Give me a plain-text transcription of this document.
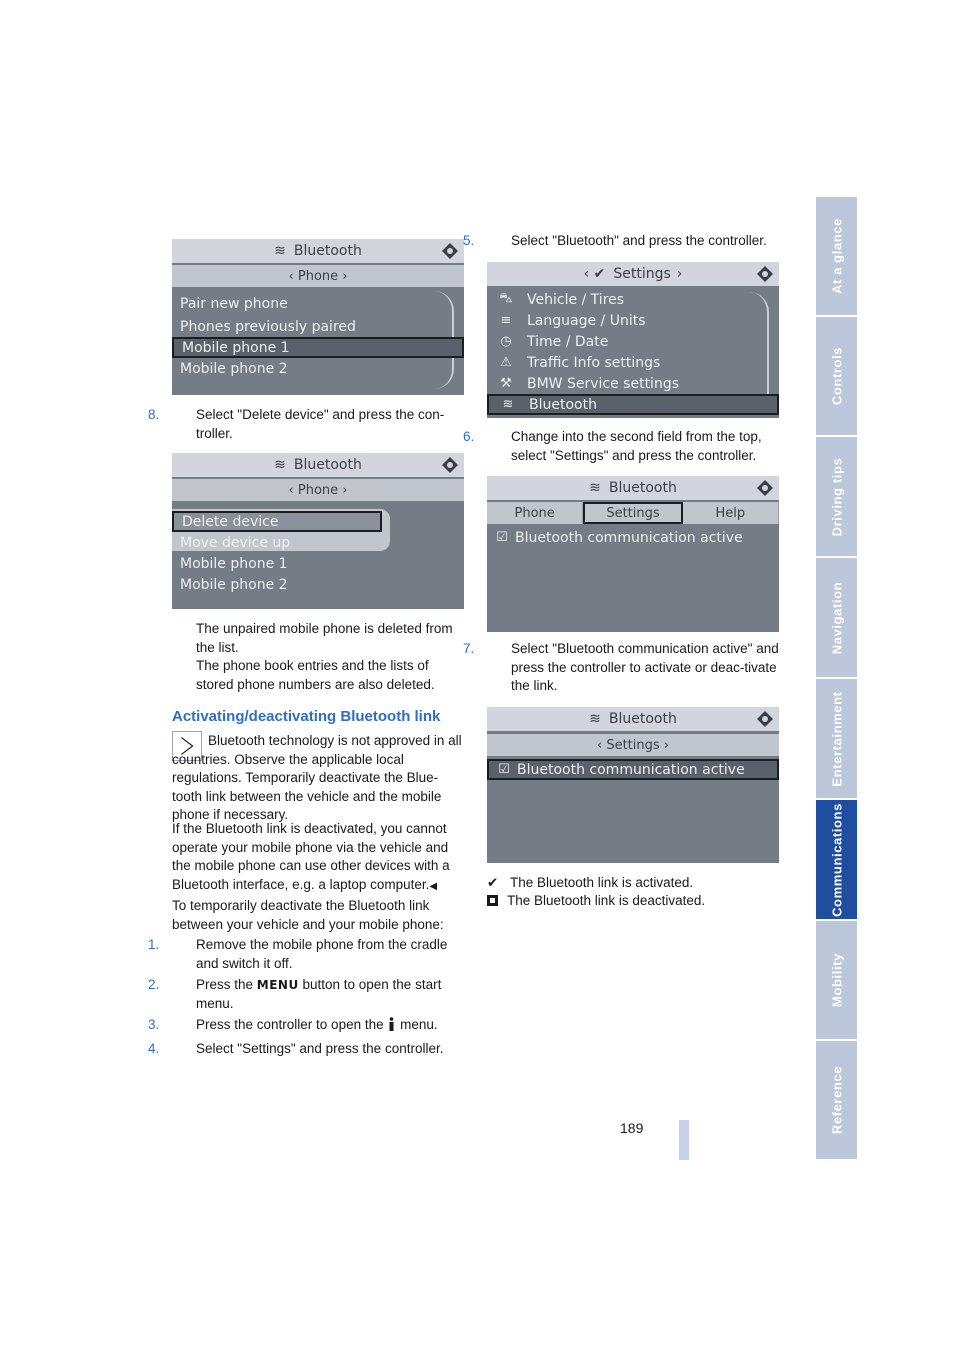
At a glance
Controls
Driving tips
Navigation
Entertainment
Communications
Mobility
Reference
189
≋ Bluetooth
‹ Phone ›
Pair new phone
Phones previously paired
Mobile phone 1
Mobile phone 2
8.	Select "Delete device" and press the con-troller.
≋ Bluetooth
‹ Phone ›
Delete device
Move device up
Mobile phone 1
Mobile phone 2
The unpaired mobile phone is deleted from the list.
The phone book entries and the lists of stored phone numbers are also deleted.
Activating/deactivating Bluetooth link
Bluetooth technology is not approved in all countries. Observe the applicable local regulations. Temporarily deactivate the Blue-tooth link between the vehicle and the mobile phone if necessary.
If the Bluetooth link is deactivated, you cannot operate your mobile phone via the vehicle and the mobile phone can use other devices with a Bluetooth interface, e.g. a laptop computer.◀
To temporarily deactivate the Bluetooth link between your vehicle and your mobile phone:
1.	Remove the mobile phone from the cradle and switch it off.
2.	Press the MENU button to open the start menu.
3.	Press the controller to open the  menu.
4.	Select "Settings" and press the controller.
5.	Select "Bluetooth" and press the controller.
‹ ✔ Settings ›
⛍	Vehicle / Tires
≡	Language / Units
◷	Time / Date
⚠	Traffic Info settings
⚒	BMW Service settings
≋	Bluetooth
6.	Change into the second field from the top, select "Settings" and press the controller.
≋ Bluetooth
Phone	Settings	Help
☑ Bluetooth communication active
7.	Select "Bluetooth communication active" and press the controller to activate or deac-tivate the link.
≋ Bluetooth
‹ Settings ›
☑ Bluetooth communication active
✔ The Bluetooth link is activated.
The Bluetooth link is deactivated.
